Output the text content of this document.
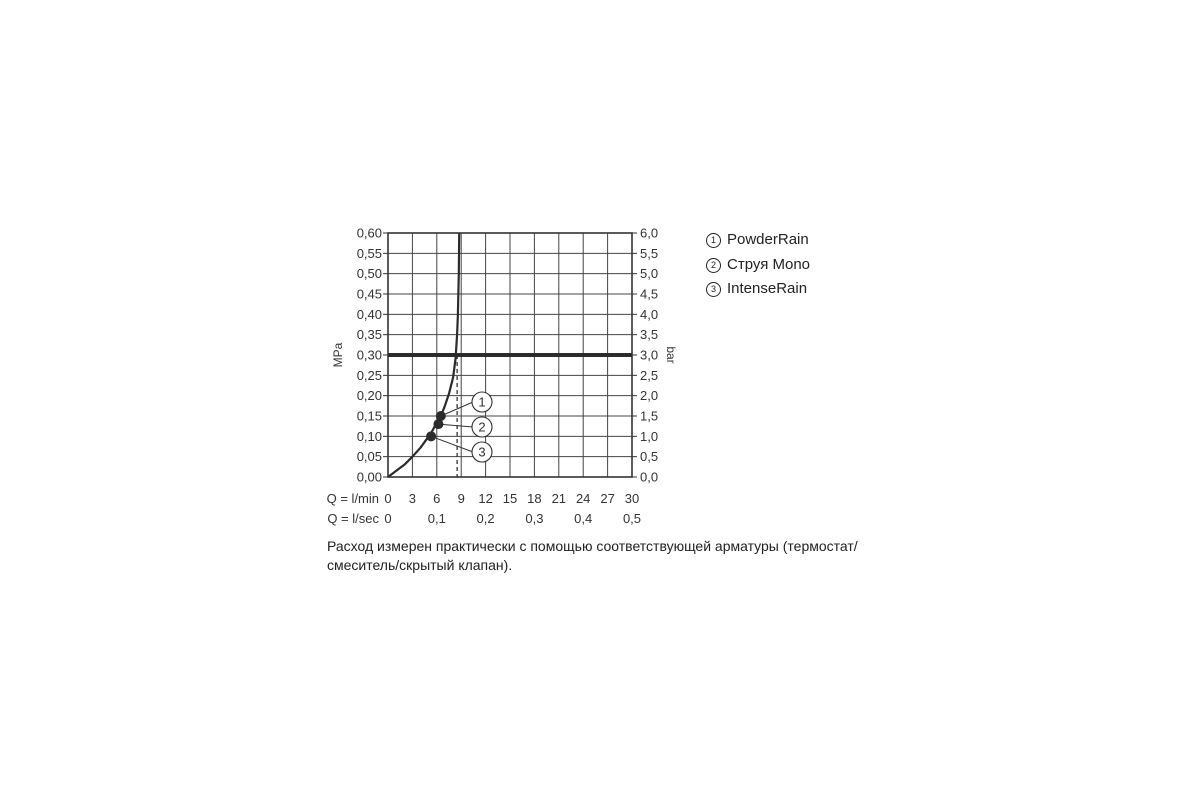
0,00
0,05
0,10
0,15
0,20
0,25
0,30
0,35
0,40
0,45
0,50
0,55
0,60
0,0
0,5
1,0
1,5
2,0
2,5
3,0
3,5
4,0
4,5
5,0
5,5
6,0
0 3 6 9 12 15 18 21 24 27 30
0	0,1 0,2 0,3 0,4 0,5
Q = l/min
Q = l/sec
MPa	bar
1
2
3
1 PowderRain
2 Струя Mono
3 IntenseRain
Расход измерен практически с помощью соответствующей арматуры (термостат/смеситель/скрытый клапан).
